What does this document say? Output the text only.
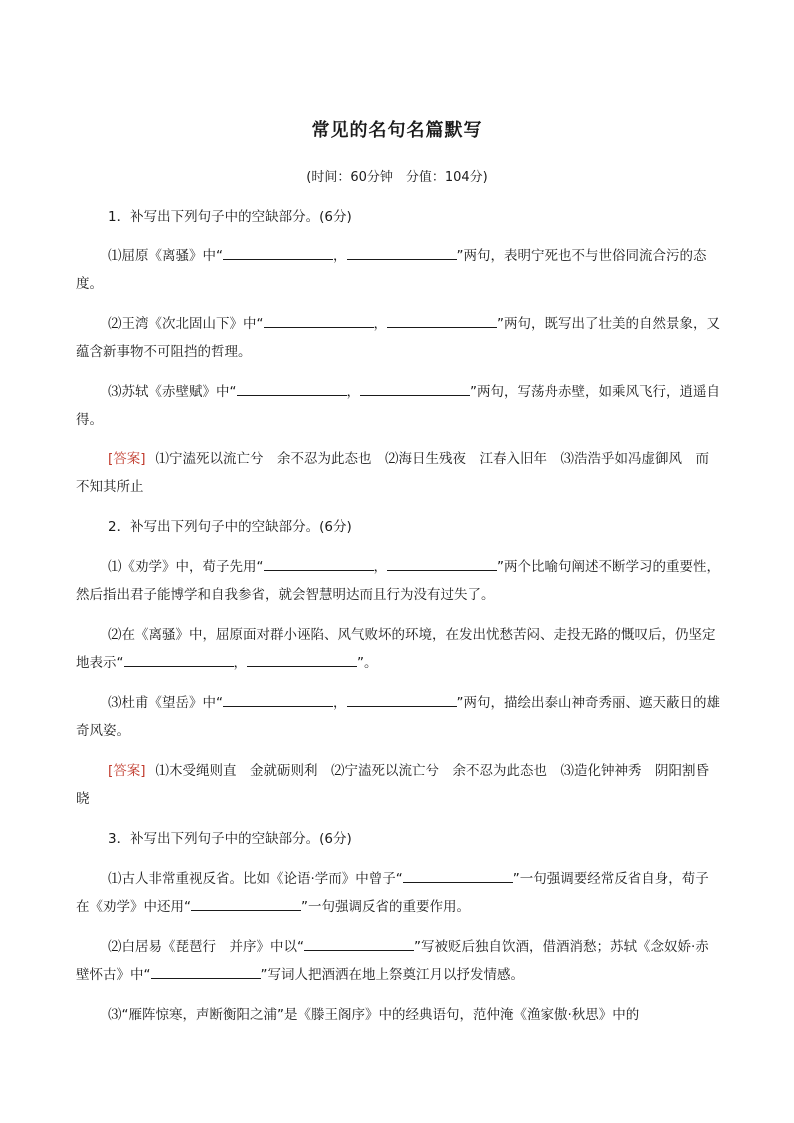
常见的名句名篇默写
(时间：60分钟　分值：104分)
1．补写出下列句子中的空缺部分。(6分)
⑴屈原《离骚》中“	，	”两句，表明宁死也不与世俗同流合污的态度。
⑵王湾《次北固山下》中“	，	”两句，既写出了壮美的自然景象，又蕴含新事物不可阻挡的哲理。
⑶苏轼《赤壁赋》中“	，	”两句，写荡舟赤壁，如乘风飞行，逍遥自得。
[答案] ⑴宁溘死以流亡兮　余不忍为此态也　⑵海日生残夜　江春入旧年　⑶浩浩乎如冯虚御风　而不知其所止
2．补写出下列句子中的空缺部分。(6分)
⑴《劝学》中，荀子先用“	，	”两个比喻句阐述不断学习的重要性，然后指出君子能博学和自我参省，就会智慧明达而且行为没有过失了。
⑵在《离骚》中，屈原面对群小诬陷、风气败坏的环境，在发出忧愁苦闷、走投无路的慨叹后，仍坚定地表示“	，	”。
⑶杜甫《望岳》中“	，	”两句，描绘出泰山神奇秀丽、遮天蔽日的雄奇风姿。
[答案] ⑴木受绳则直　金就砺则利　⑵宁溘死以流亡兮　余不忍为此态也　⑶造化钟神秀　阴阳割昏晓
3．补写出下列句子中的空缺部分。(6分)
⑴古人非常重视反省。比如《论语·学而》中曾子“	”一句强调要经常反省自身，荀子在《劝学》中还用“	”一句强调反省的重要作用。
⑵白居易《琵琶行　并序》中以“	”写被贬后独自饮酒，借酒消愁；苏轼《念奴娇·赤壁怀古》中“	”写词人把酒洒在地上祭奠江月以抒发情感。
⑶“雁阵惊寒，声断衡阳之浦”是《滕王阁序》中的经典语句，范仲淹《渔家傲·秋思》中的
